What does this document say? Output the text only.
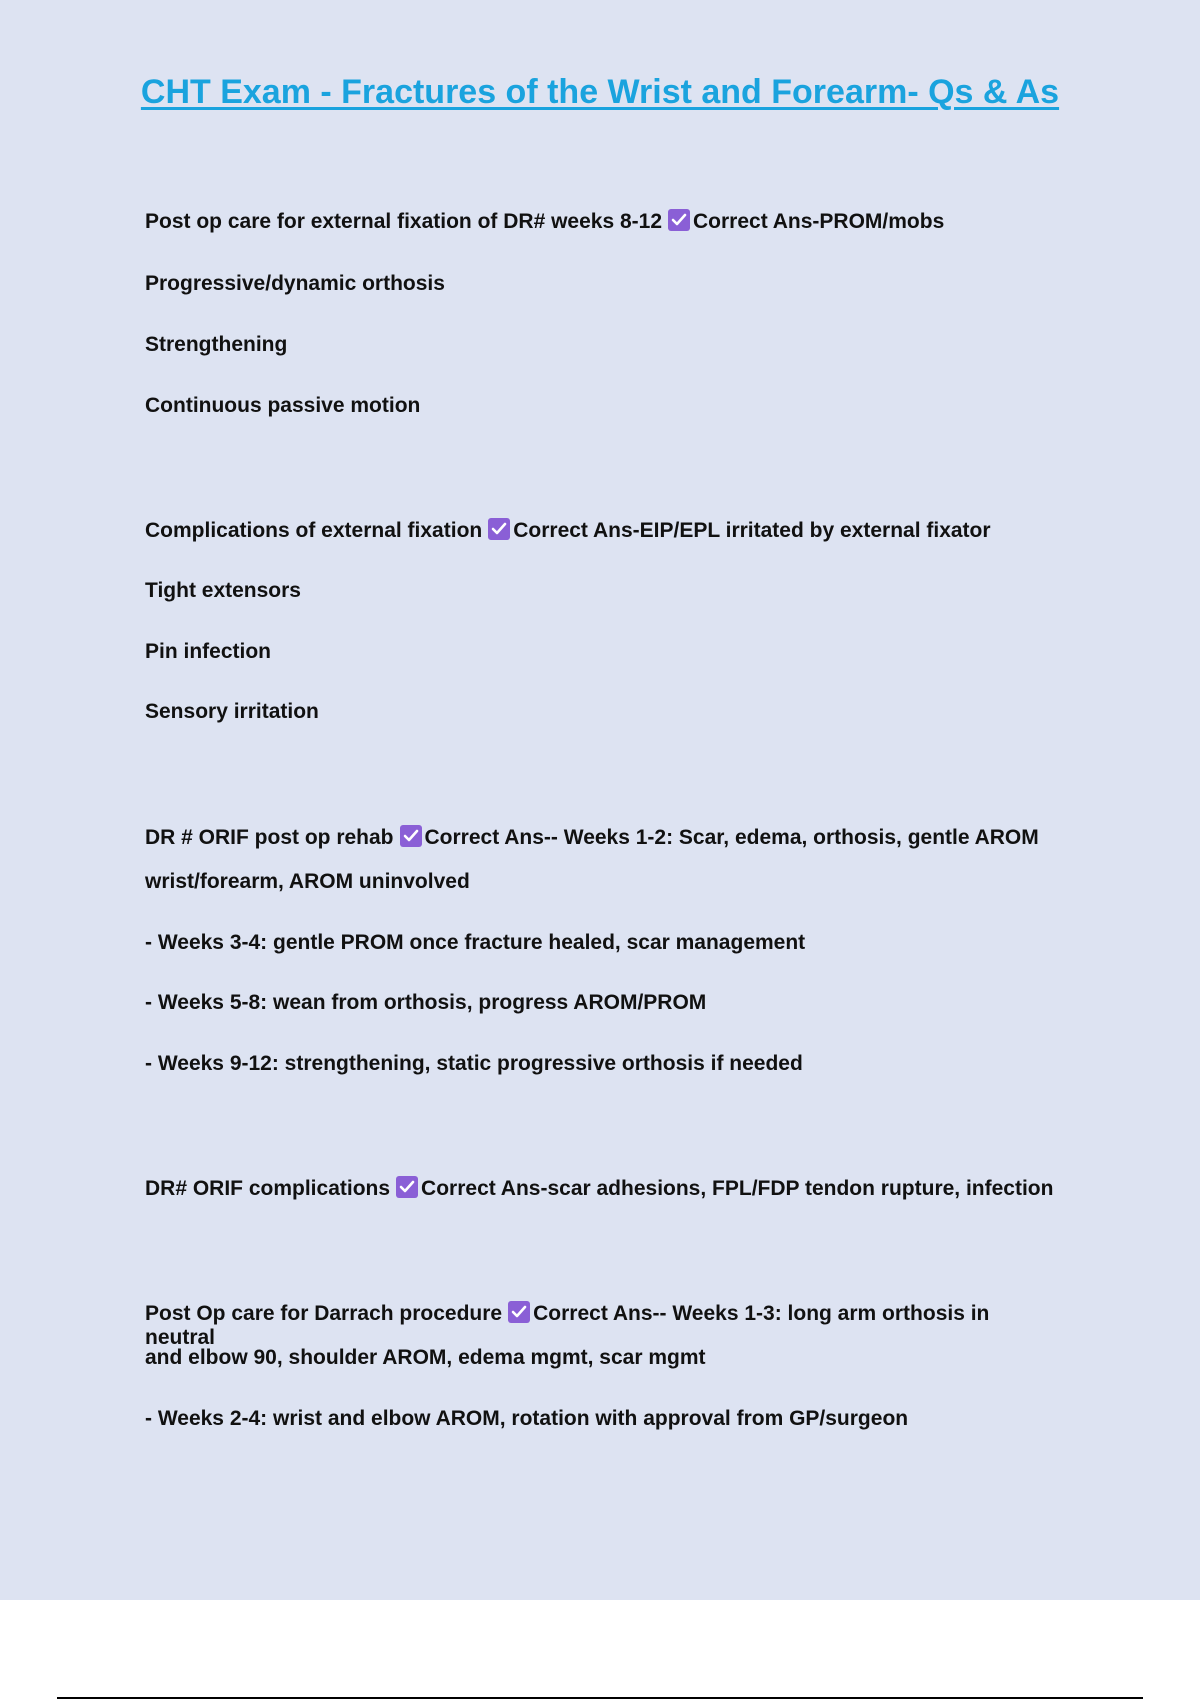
CHT Exam - Fractures of the Wrist and Forearm- Qs & As
Post op care for external fixation of DR# weeks 8-12 Correct Ans-PROM/mobs
Progressive/dynamic orthosis
Strengthening
Continuous passive motion
Complications of external fixation Correct Ans-EIP/EPL irritated by external fixator
Tight extensors
Pin infection
Sensory irritation
DR # ORIF post op rehab Correct Ans-- Weeks 1-2: Scar, edema, orthosis, gentle AROM
wrist/forearm, AROM uninvolved
- Weeks 3-4: gentle PROM once fracture healed, scar management
- Weeks 5-8: wean from orthosis, progress AROM/PROM
- Weeks 9-12: strengthening, static progressive orthosis if needed
DR# ORIF complications Correct Ans-scar adhesions, FPL/FDP tendon rupture, infection
Post Op care for Darrach procedure Correct Ans-- Weeks 1-3: long arm orthosis in neutral
and elbow 90, shoulder AROM, edema mgmt, scar mgmt
- Weeks 2-4: wrist and elbow AROM, rotation with approval from GP/surgeon
